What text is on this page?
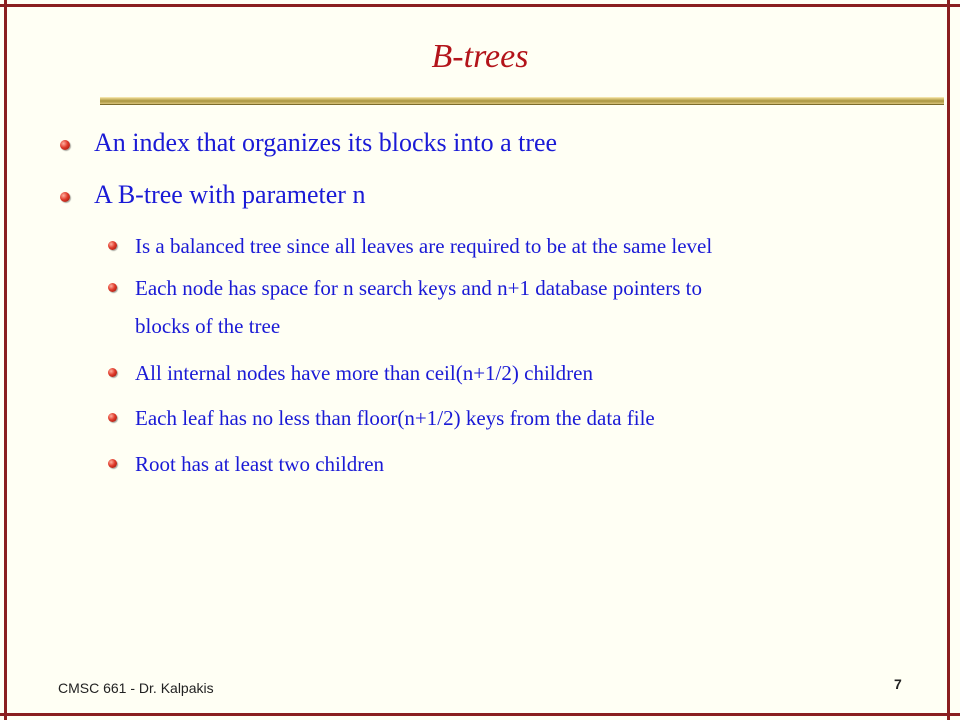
B-trees
An index that organizes its blocks into a tree
A B-tree with parameter n
Is a balanced tree since all leaves are required to be at the same level
Each node has space for n search keys and n+1 database pointers to
blocks of the tree
All internal nodes have more than ceil(n+1/2) children
Each leaf has no less than floor(n+1/2) keys from the data file
Root has at least two children
CMSC 661 - Dr. Kalpakis	7
